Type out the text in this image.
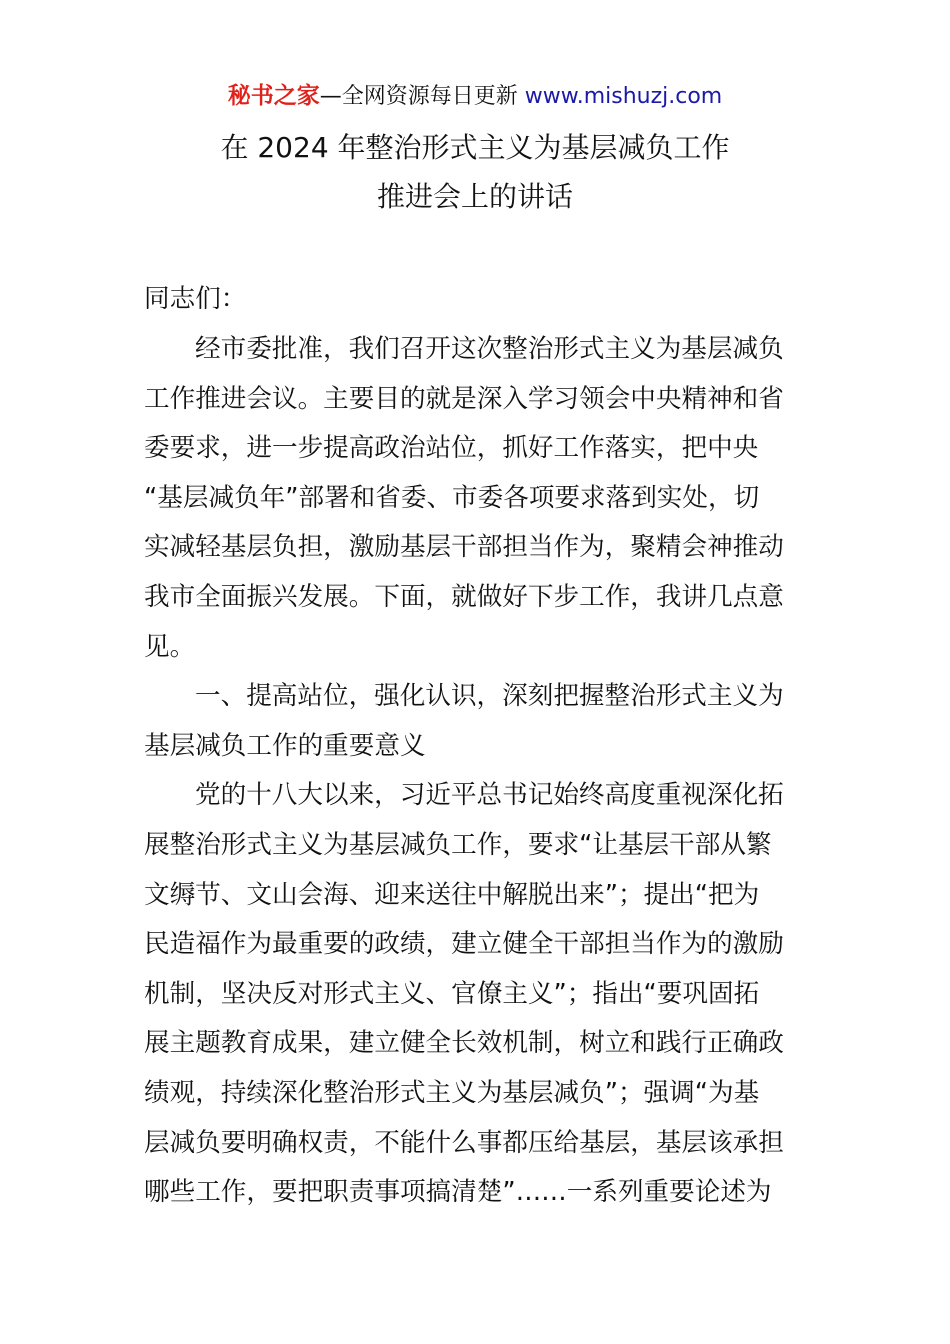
秘书之家—全网资源每日更新 www.mishuzj.com
在 2024 年整治形式主义为基层减负工作
推进会上的讲话
同志们：
经市委批准，我们召开这次整治形式主义为基层减负
工作推进会议。主要目的就是深入学习领会中央精神和省
委要求，进一步提高政治站位，抓好工作落实，把中央
“基层减负年”部署和省委、市委各项要求落到实处，切
实减轻基层负担，激励基层干部担当作为，聚精会神推动
我市全面振兴发展。下面，就做好下步工作，我讲几点意
见。
一、提高站位，强化认识，深刻把握整治形式主义为
基层减负工作的重要意义
党的十八大以来，习近平总书记始终高度重视深化拓
展整治形式主义为基层减负工作，要求“让基层干部从繁
文缛节、文山会海、迎来送往中解脱出来”；提出“把为
民造福作为最重要的政绩，建立健全干部担当作为的激励
机制，坚决反对形式主义、官僚主义”；指出“要巩固拓
展主题教育成果，建立健全长效机制，树立和践行正确政
绩观，持续深化整治形式主义为基层减负”；强调“为基
层减负要明确权责，不能什么事都压给基层，基层该承担
哪些工作，要把职责事项搞清楚”……一系列重要论述为
